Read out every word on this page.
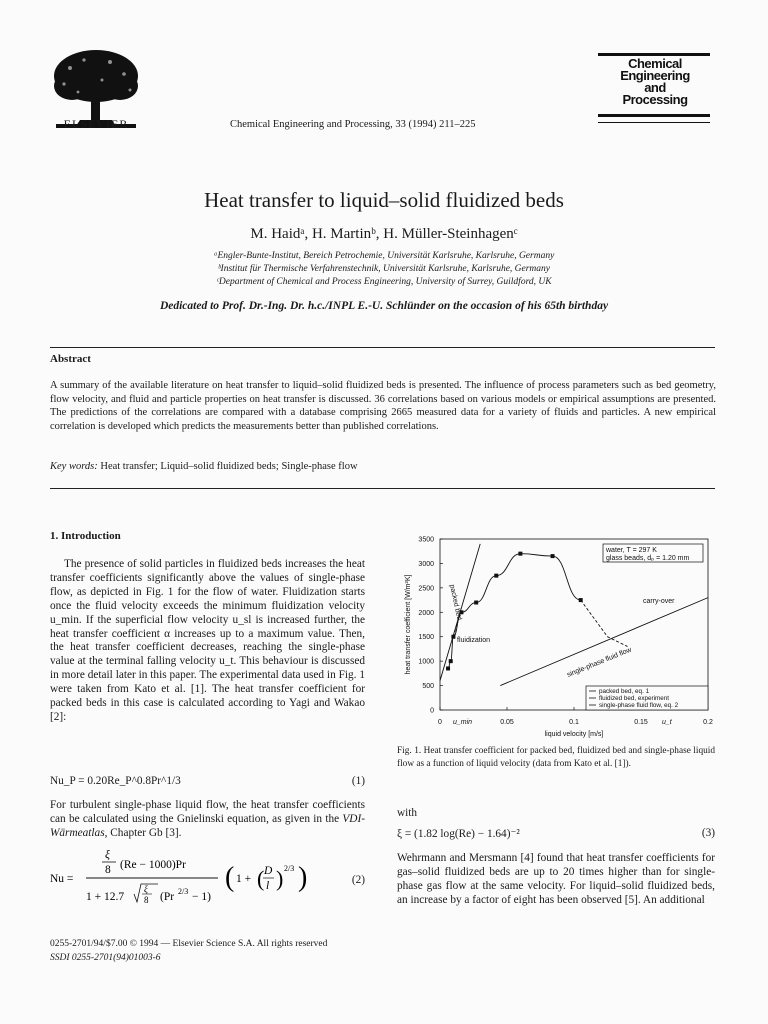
ELSEVIER	Chemical Engineering and Processing, 33 (1994) 211–225
Chemical
Engineering
and
Processing
Heat transfer to liquid–solid fluidized beds
M. Haidᵃ, H. Martinᵇ, H. Müller-Steinhagenᶜ
ᵃEngler-Bunte-Institut, Bereich Petrochemie, Universität Karlsruhe, Karlsruhe, Germany
ᵇInstitut für Thermische Verfahrenstechnik, Universität Karlsruhe, Karlsruhe, Germany
ᶜDepartment of Chemical and Process Engineering, University of Surrey, Guildford, UK
Dedicated to Prof. Dr.-Ing. Dr. h.c./INPL E.-U. Schlünder on the occasion of his 65th birthday
Abstract
A summary of the available literature on heat transfer to liquid–solid fluidized beds is presented. The influence of process parameters such as bed geometry, flow velocity, and fluid and particle properties on heat transfer is discussed. 36 correlations based on various models or empirical assumptions are presented. The predictions of the correlations are compared with a database comprising 2665 measured data for a variety of fluids and particles. A new empirical correlation is developed which predicts the measurements better than published correlations.
Key words: Heat transfer; Liquid–solid fluidized beds; Single-phase flow
1. Introduction
The presence of solid particles in fluidized beds increases the heat transfer coefficients significantly above the values of single-phase flow, as depicted in Fig. 1 for the flow of water. Fluidization starts once the fluid velocity exceeds the minimum fluidization velocity u_min. If the superficial flow velocity u_sl is increased further, the heat transfer coefficient α increases up to a maximum value. Then, the heat transfer coefficient decreases, reaching the single-phase value at the terminal falling velocity u_t. This behaviour is discussed in more detail later in this paper. The experimental data used in Fig. 1 were taken from Kato et al. [1]. The heat transfer coefficient for packed beds in this case is calculated according to Yagi and Wakao [2]:
Nu_P = 0.20Re_P^0.8Pr^1/3	(1)
For turbulent single-phase liquid flow, the heat transfer coefficients can be calculated using the Gnielinski equation, as given in the VDI-Wärmeatlas, Chapter Gb [3].
Nu =
ξ
8 (Re − 1000)Pr
1 + 12.7
ξ
8 (Pr 2/3 − 1)
( 1 + ( D
l ) 2/3 )	(2)
0255-2701/94/$7.00 © 1994 — Elsevier Science S.A. All rights reserved
SSDI 0255-2701(94)01003-6
0
500
1000
1500
2000
2500
3000
3500
0	0.05	0.1	0.15	0.2
liquid velocity [m/s]
heat transfer coefficient [W/m²K]
water, T = 297 K
glass beads, dₚ = 1.20 mm
packed bed
fluidization
carry-over
single-phase fluid flow
u_min	u_t
packed bed, eq. 1
fluidized bed, experiment
single-phase fluid flow, eq. 2
Fig. 1. Heat transfer coefficient for packed bed, fluidized bed and single-phase liquid flow as a function of liquid velocity (data from Kato et al. [1]).
with
ξ = (1.82 log(Re) − 1.64)⁻²	(3)
Wehrmann and Mersmann [4] found that heat transfer coefficients for gas–solid fluidized beds are up to 20 times higher than for single-phase gas flow at the same velocity. For liquid–solid fluidized beds, an increase by a factor of eight has been observed [5]. An additional
